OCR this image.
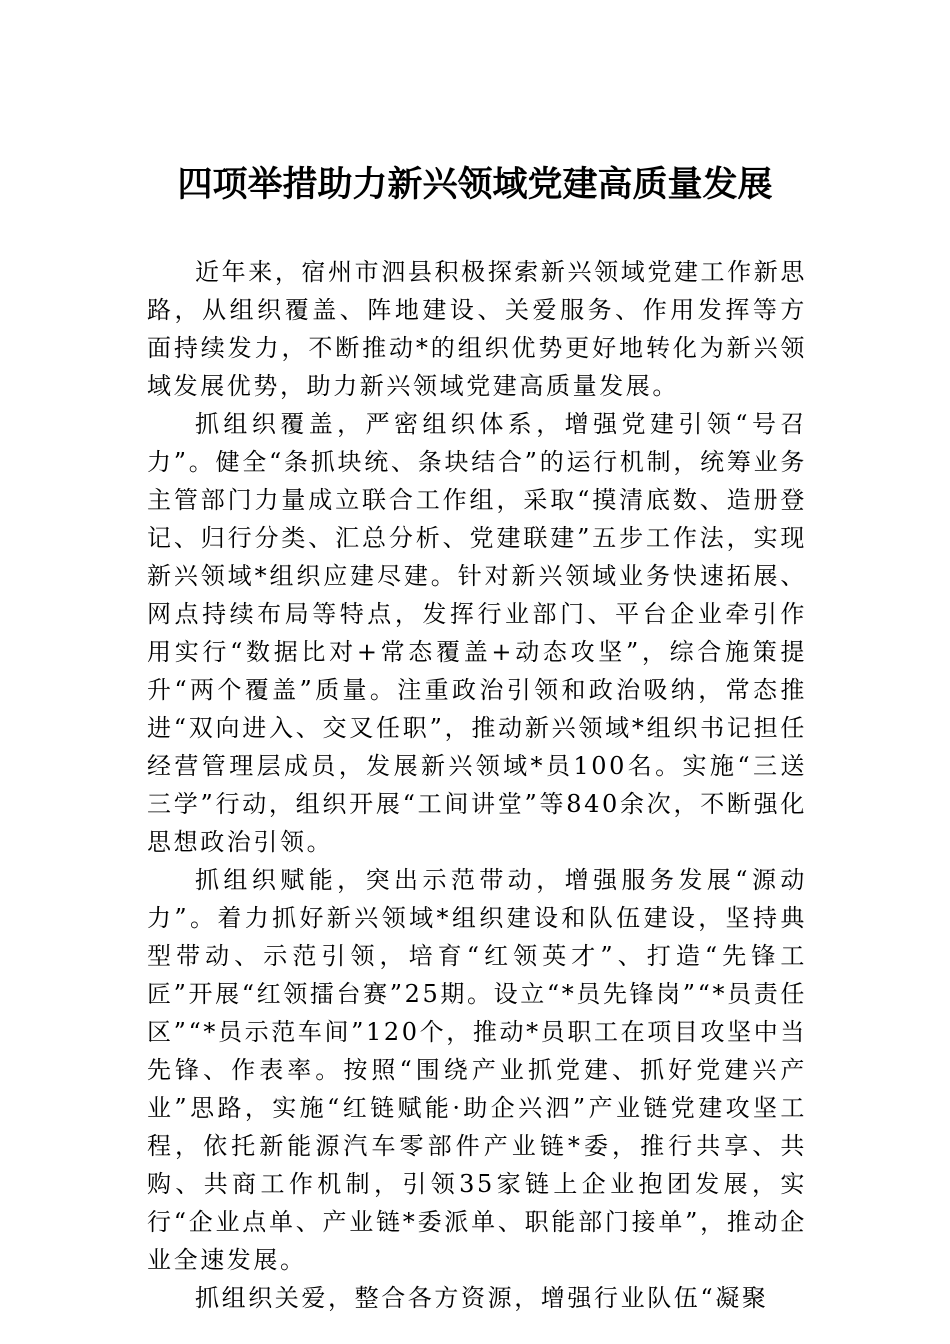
四项举措助力新兴领域党建高质量发展

近年来，宿州市泗县积极探索新兴领域党建工作新思路，从组织覆盖、阵地建设、关爱服务、作用发挥等方面持续发力，不断推动*的组织优势更好地转化为新兴领域发展优势，助力新兴领域党建高质量发展。

抓组织覆盖，严密组织体系，增强党建引领“号召力”。健全“条抓块统、条块结合”的运行机制，统筹业务主管部门力量成立联合工作组，采取“摸清底数、造册登记、归行分类、汇总分析、党建联建”五步工作法，实现新兴领域*组织应建尽建。针对新兴领域业务快速拓展、网点持续布局等特点，发挥行业部门、平台企业牵引作用实行“数据比对+常态覆盖+动态攻坚”，综合施策提升“两个覆盖”质量。注重政治引领和政治吸纳，常态推进“双向进入、交叉任职”，推动新兴领域*组织书记担任经营管理层成员，发展新兴领域*员100名。实施“三送三学”行动，组织开展“工间讲堂”等840余次，不断强化思想政治引领。

抓组织赋能，突出示范带动，增强服务发展“源动力”。着力抓好新兴领域*组织建设和队伍建设，坚持典型带动、示范引领，培育“红领英才”、打造“先锋工匠”开展“红领擂台赛”25期。设立“*员先锋岗”“*员责任区”“*员示范车间”120个，推动*员职工在项目攻坚中当先锋、作表率。按照“围绕产业抓党建、抓好党建兴产业”思路，实施“红链赋能·助企兴泗”产业链党建攻坚工程，依托新能源汽车零部件产业链*委，推行共享、共购、共商工作机制，引领35家链上企业抱团发展，实行“企业点单、产业链*委派单、职能部门接单”，推动企业全速发展。

抓组织关爱，整合各方资源，增强行业队伍“凝聚
